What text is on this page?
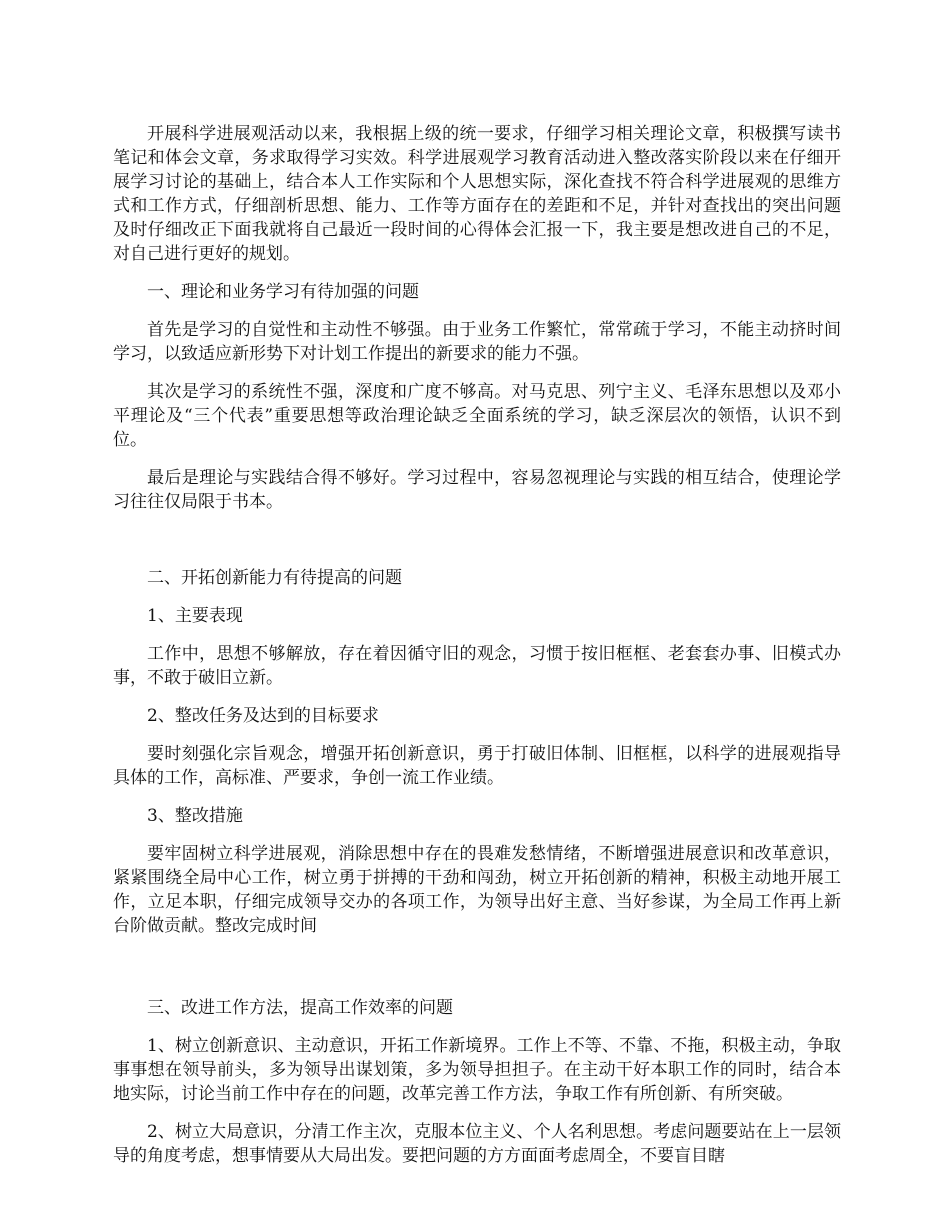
开展科学进展观活动以来，我根据上级的统一要求，仔细学习相关理论文章，积极撰写读书笔记和体会文章，务求取得学习实效。科学进展观学习教育活动进入整改落实阶段以来在仔细开展学习讨论的基础上，结合本人工作实际和个人思想实际，深化查找不符合科学进展观的思维方式和工作方式，仔细剖析思想、能力、工作等方面存在的差距和不足，并针对查找出的突出问题及时仔细改正下面我就将自己最近一段时间的心得体会汇报一下，我主要是想改进自己的不足，对自己进行更好的规划。

一、理论和业务学习有待加强的问题

首先是学习的自觉性和主动性不够强。由于业务工作繁忙，常常疏于学习，不能主动挤时间学习，以致适应新形势下对计划工作提出的新要求的能力不强。

其次是学习的系统性不强，深度和广度不够高。对马克思、列宁主义、毛泽东思想以及邓小平理论及“三个代表”重要思想等政治理论缺乏全面系统的学习，缺乏深层次的领悟，认识不到位。

最后是理论与实践结合得不够好。学习过程中，容易忽视理论与实践的相互结合，使理论学习往往仅局限于书本。

二、开拓创新能力有待提高的问题

1、主要表现

工作中，思想不够解放，存在着因循守旧的观念，习惯于按旧框框、老套套办事、旧模式办事，不敢于破旧立新。

2、整改任务及达到的目标要求

要时刻强化宗旨观念，增强开拓创新意识，勇于打破旧体制、旧框框，以科学的进展观指导具体的工作，高标准、严要求，争创一流工作业绩。

3、整改措施

要牢固树立科学进展观，消除思想中存在的畏难发愁情绪，不断增强进展意识和改革意识，紧紧围绕全局中心工作，树立勇于拼搏的干劲和闯劲，树立开拓创新的精神，积极主动地开展工作，立足本职，仔细完成领导交办的各项工作，为领导出好主意、当好参谋，为全局工作再上新台阶做贡献。整改完成时间

三、改进工作方法，提高工作效率的问题

1、树立创新意识、主动意识，开拓工作新境界。工作上不等、不靠、不拖，积极主动，争取事事想在领导前头，多为领导出谋划策，多为领导担担子。在主动干好本职工作的同时，结合本地实际，讨论当前工作中存在的问题，改革完善工作方法，争取工作有所创新、有所突破。

2、树立大局意识，分清工作主次，克服本位主义、个人名利思想。考虑问题要站在上一层领导的角度考虑，想事情要从大局出发。要把问题的方方面面考虑周全，不要盲目瞎
